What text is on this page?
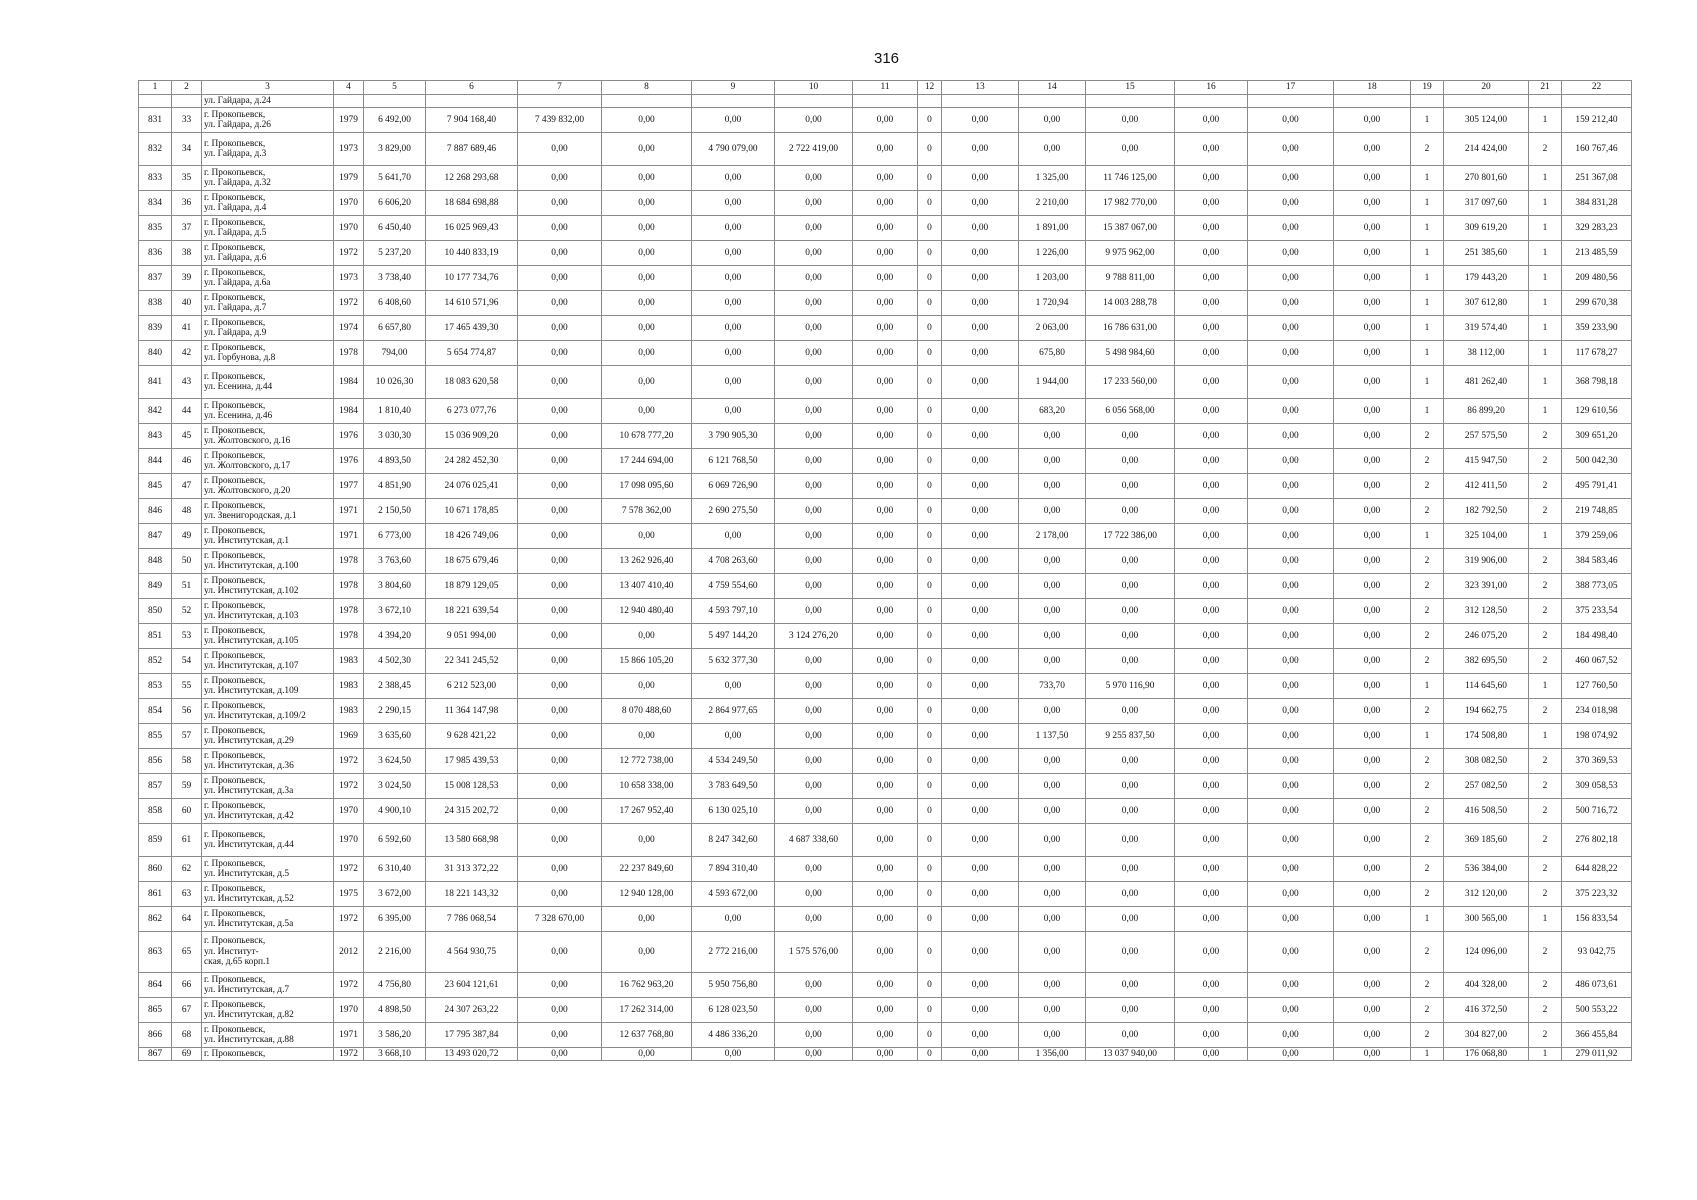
316
1	2	3	4	5	6	7	8	9	10	11	12	13	14	15	16	17	18	19	20	21	22
		ул. Гайдара, д.24																			
831	33	г. Прокопьевск,
ул. Гайдара, д.26	1979	6 492,00	7 904 168,40	7 439 832,00	0,00	0,00	0,00	0,00	0	0,00	0,00	0,00	0,00	0,00	0,00	1	305 124,00	1	159 212,40
832	34	г. Прокопьевск,
ул. Гайдара, д.3	1973	3 829,00	7 887 689,46	0,00	0,00	4 790 079,00	2 722 419,00	0,00	0	0,00	0,00	0,00	0,00	0,00	0,00	2	214 424,00	2	160 767,46
833	35	г. Прокопьевск,
ул. Гайдара, д.32	1979	5 641,70	12 268 293,68	0,00	0,00	0,00	0,00	0,00	0	0,00	1 325,00	11 746 125,00	0,00	0,00	0,00	1	270 801,60	1	251 367,08
834	36	г. Прокопьевск,
ул. Гайдара, д.4	1970	6 606,20	18 684 698,88	0,00	0,00	0,00	0,00	0,00	0	0,00	2 210,00	17 982 770,00	0,00	0,00	0,00	1	317 097,60	1	384 831,28
835	37	г. Прокопьевск,
ул. Гайдара, д.5	1970	6 450,40	16 025 969,43	0,00	0,00	0,00	0,00	0,00	0	0,00	1 891,00	15 387 067,00	0,00	0,00	0,00	1	309 619,20	1	329 283,23
836	38	г. Прокопьевск,
ул. Гайдара, д.6	1972	5 237,20	10 440 833,19	0,00	0,00	0,00	0,00	0,00	0	0,00	1 226,00	9 975 962,00	0,00	0,00	0,00	1	251 385,60	1	213 485,59
837	39	г. Прокопьевск,
ул. Гайдара, д.6а	1973	3 738,40	10 177 734,76	0,00	0,00	0,00	0,00	0,00	0	0,00	1 203,00	9 788 811,00	0,00	0,00	0,00	1	179 443,20	1	209 480,56
838	40	г. Прокопьевск,
ул. Гайдара, д.7	1972	6 408,60	14 610 571,96	0,00	0,00	0,00	0,00	0,00	0	0,00	1 720,94	14 003 288,78	0,00	0,00	0,00	1	307 612,80	1	299 670,38
839	41	г. Прокопьевск,
ул. Гайдара, д.9	1974	6 657,80	17 465 439,30	0,00	0,00	0,00	0,00	0,00	0	0,00	2 063,00	16 786 631,00	0,00	0,00	0,00	1	319 574,40	1	359 233,90
840	42	г. Прокопьевск,
ул. Горбунова, д.8	1978	794,00	5 654 774,87	0,00	0,00	0,00	0,00	0,00	0	0,00	675,80	5 498 984,60	0,00	0,00	0,00	1	38 112,00	1	117 678,27
841	43	г. Прокопьевск,
ул. Есенина, д.44	1984	10 026,30	18 083 620,58	0,00	0,00	0,00	0,00	0,00	0	0,00	1 944,00	17 233 560,00	0,00	0,00	0,00	1	481 262,40	1	368 798,18
842	44	г. Прокопьевск,
ул. Есенина, д.46	1984	1 810,40	6 273 077,76	0,00	0,00	0,00	0,00	0,00	0	0,00	683,20	6 056 568,00	0,00	0,00	0,00	1	86 899,20	1	129 610,56
843	45	г. Прокопьевск,
ул. Жолтовского, д.16	1976	3 030,30	15 036 909,20	0,00	10 678 777,20	3 790 905,30	0,00	0,00	0	0,00	0,00	0,00	0,00	0,00	0,00	2	257 575,50	2	309 651,20
844	46	г. Прокопьевск,
ул. Жолтовского, д.17	1976	4 893,50	24 282 452,30	0,00	17 244 694,00	6 121 768,50	0,00	0,00	0	0,00	0,00	0,00	0,00	0,00	0,00	2	415 947,50	2	500 042,30
845	47	г. Прокопьевск,
ул. Жолтовского, д.20	1977	4 851,90	24 076 025,41	0,00	17 098 095,60	6 069 726,90	0,00	0,00	0	0,00	0,00	0,00	0,00	0,00	0,00	2	412 411,50	2	495 791,41
846	48	г. Прокопьевск,
ул. Звенигородская, д.1	1971	2 150,50	10 671 178,85	0,00	7 578 362,00	2 690 275,50	0,00	0,00	0	0,00	0,00	0,00	0,00	0,00	0,00	2	182 792,50	2	219 748,85
847	49	г. Прокопьевск,
ул. Институтская, д.1	1971	6 773,00	18 426 749,06	0,00	0,00	0,00	0,00	0,00	0	0,00	2 178,00	17 722 386,00	0,00	0,00	0,00	1	325 104,00	1	379 259,06
848	50	г. Прокопьевск,
ул. Институтская, д.100	1978	3 763,60	18 675 679,46	0,00	13 262 926,40	4 708 263,60	0,00	0,00	0	0,00	0,00	0,00	0,00	0,00	0,00	2	319 906,00	2	384 583,46
849	51	г. Прокопьевск,
ул. Институтская, д.102	1978	3 804,60	18 879 129,05	0,00	13 407 410,40	4 759 554,60	0,00	0,00	0	0,00	0,00	0,00	0,00	0,00	0,00	2	323 391,00	2	388 773,05
850	52	г. Прокопьевск,
ул. Институтская, д.103	1978	3 672,10	18 221 639,54	0,00	12 940 480,40	4 593 797,10	0,00	0,00	0	0,00	0,00	0,00	0,00	0,00	0,00	2	312 128,50	2	375 233,54
851	53	г. Прокопьевск,
ул. Институтская, д.105	1978	4 394,20	9 051 994,00	0,00	0,00	5 497 144,20	3 124 276,20	0,00	0	0,00	0,00	0,00	0,00	0,00	0,00	2	246 075,20	2	184 498,40
852	54	г. Прокопьевск,
ул. Институтская, д.107	1983	4 502,30	22 341 245,52	0,00	15 866 105,20	5 632 377,30	0,00	0,00	0	0,00	0,00	0,00	0,00	0,00	0,00	2	382 695,50	2	460 067,52
853	55	г. Прокопьевск,
ул. Институтская, д.109	1983	2 388,45	6 212 523,00	0,00	0,00	0,00	0,00	0,00	0	0,00	733,70	5 970 116,90	0,00	0,00	0,00	1	114 645,60	1	127 760,50
854	56	г. Прокопьевск,
ул. Институтская, д.109/2	1983	2 290,15	11 364 147,98	0,00	8 070 488,60	2 864 977,65	0,00	0,00	0	0,00	0,00	0,00	0,00	0,00	0,00	2	194 662,75	2	234 018,98
855	57	г. Прокопьевск,
ул. Институтская, д.29	1969	3 635,60	9 628 421,22	0,00	0,00	0,00	0,00	0,00	0	0,00	1 137,50	9 255 837,50	0,00	0,00	0,00	1	174 508,80	1	198 074,92
856	58	г. Прокопьевск,
ул. Институтская, д.36	1972	3 624,50	17 985 439,53	0,00	12 772 738,00	4 534 249,50	0,00	0,00	0	0,00	0,00	0,00	0,00	0,00	0,00	2	308 082,50	2	370 369,53
857	59	г. Прокопьевск,
ул. Институтская, д.3а	1972	3 024,50	15 008 128,53	0,00	10 658 338,00	3 783 649,50	0,00	0,00	0	0,00	0,00	0,00	0,00	0,00	0,00	2	257 082,50	2	309 058,53
858	60	г. Прокопьевск,
ул. Институтская, д.42	1970	4 900,10	24 315 202,72	0,00	17 267 952,40	6 130 025,10	0,00	0,00	0	0,00	0,00	0,00	0,00	0,00	0,00	2	416 508,50	2	500 716,72
859	61	г. Прокопьевск,
ул. Институтская, д.44	1970	6 592,60	13 580 668,98	0,00	0,00	8 247 342,60	4 687 338,60	0,00	0	0,00	0,00	0,00	0,00	0,00	0,00	2	369 185,60	2	276 802,18
860	62	г. Прокопьевск,
ул. Институтская, д.5	1972	6 310,40	31 313 372,22	0,00	22 237 849,60	7 894 310,40	0,00	0,00	0	0,00	0,00	0,00	0,00	0,00	0,00	2	536 384,00	2	644 828,22
861	63	г. Прокопьевск,
ул. Институтская, д.52	1975	3 672,00	18 221 143,32	0,00	12 940 128,00	4 593 672,00	0,00	0,00	0	0,00	0,00	0,00	0,00	0,00	0,00	2	312 120,00	2	375 223,32
862	64	г. Прокопьевск,
ул. Институтская, д.5а	1972	6 395,00	7 786 068,54	7 328 670,00	0,00	0,00	0,00	0,00	0	0,00	0,00	0,00	0,00	0,00	0,00	1	300 565,00	1	156 833,54
863	65	г. Прокопьевск,
ул. Институт-
ская, д.65 корп.1	2012	2 216,00	4 564 930,75	0,00	0,00	2 772 216,00	1 575 576,00	0,00	0	0,00	0,00	0,00	0,00	0,00	0,00	2	124 096,00	2	93 042,75
864	66	г. Прокопьевск,
ул. Институтская, д.7	1972	4 756,80	23 604 121,61	0,00	16 762 963,20	5 950 756,80	0,00	0,00	0	0,00	0,00	0,00	0,00	0,00	0,00	2	404 328,00	2	486 073,61
865	67	г. Прокопьевск,
ул. Институтская, д.82	1970	4 898,50	24 307 263,22	0,00	17 262 314,00	6 128 023,50	0,00	0,00	0	0,00	0,00	0,00	0,00	0,00	0,00	2	416 372,50	2	500 553,22
866	68	г. Прокопьевск,
ул. Институтская, д.88	1971	3 586,20	17 795 387,84	0,00	12 637 768,80	4 486 336,20	0,00	0,00	0	0,00	0,00	0,00	0,00	0,00	0,00	2	304 827,00	2	366 455,84
867	69	г. Прокопьевск,	1972	3 668,10	13 493 020,72	0,00	0,00	0,00	0,00	0,00	0	0,00	1 356,00	13 037 940,00	0,00	0,00	0,00	1	176 068,80	1	279 011,92
